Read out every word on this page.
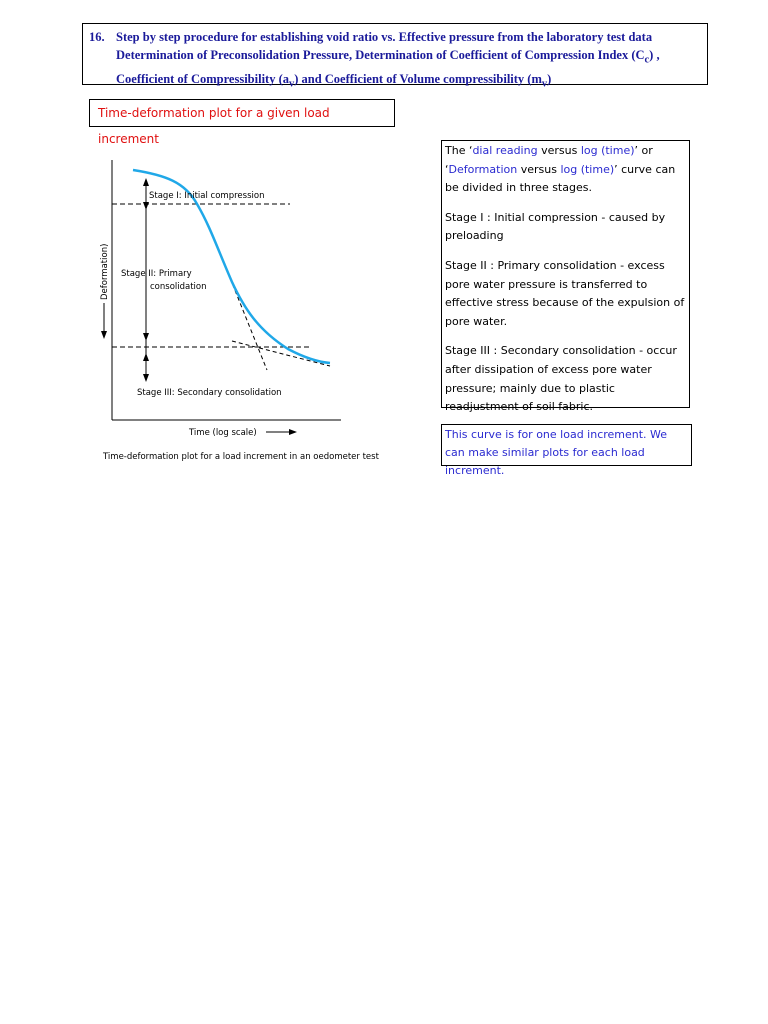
16. Step by step procedure for establishing void ratio vs. Effective pressure from the laboratory test data
Determination of Preconsolidation Pressure, Determination of Coefficient of Compression Index $(C_c)$ ,
Coefficient of Compressibility $(a_v)$ and Coefficient of Volume compressibility $(m_v)$
Time-deformation plot for a given load increment
Stage I: Initial compression
Stage II: Primary
consolidation
Stage III: Secondary consolidation
Deformation)
Time (log scale)
Time-deformation plot for a load increment in an oedometer test

The ‘dial reading versus log (time)’ or
‘Deformation versus log (time)’ curve can be divided in three stages.

Stage I : Initial compression - caused by preloading

Stage II : Primary consolidation - excess pore water pressure is transferred to effective stress because of the expulsion of pore water.

Stage III : Secondary consolidation - occur after dissipation of excess pore water pressure; mainly due to plastic readjustment of soil fabric.

This curve is for one load increment. We can make similar plots for each load increment.
